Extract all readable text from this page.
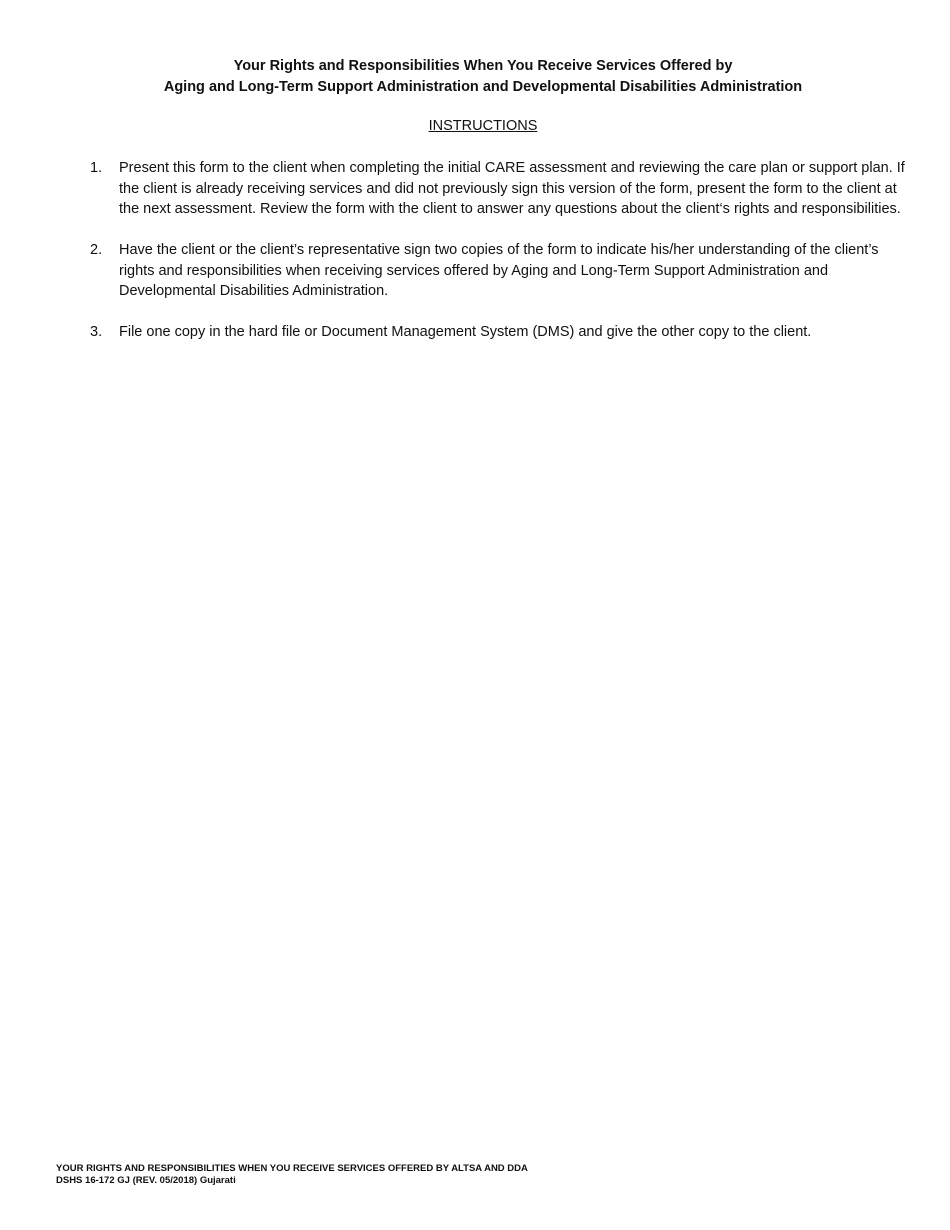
Your Rights and Responsibilities When You Receive Services Offered by
Aging and Long-Term Support Administration and Developmental Disabilities Administration
INSTRUCTIONS
1. Present this form to the client when completing the initial CARE assessment and reviewing the care plan or support plan. If the client is already receiving services and did not previously sign this version of the form, present the form to the client at the next assessment. Review the form with the client to answer any questions about the client‘s rights and responsibilities.
2. Have the client or the client’s representative sign two copies of the form to indicate his/her understanding of the client’s rights and responsibilities when receiving services offered by Aging and Long-Term Support Administration and Developmental Disabilities Administration.
3. File one copy in the hard file or Document Management System (DMS) and give the other copy to the client.
YOUR RIGHTS AND RESPONSIBILITIES WHEN YOU RECEIVE SERVICES OFFERED BY ALTSA AND DDA
DSHS 16-172 GJ (REV. 05/2018) Gujarati
